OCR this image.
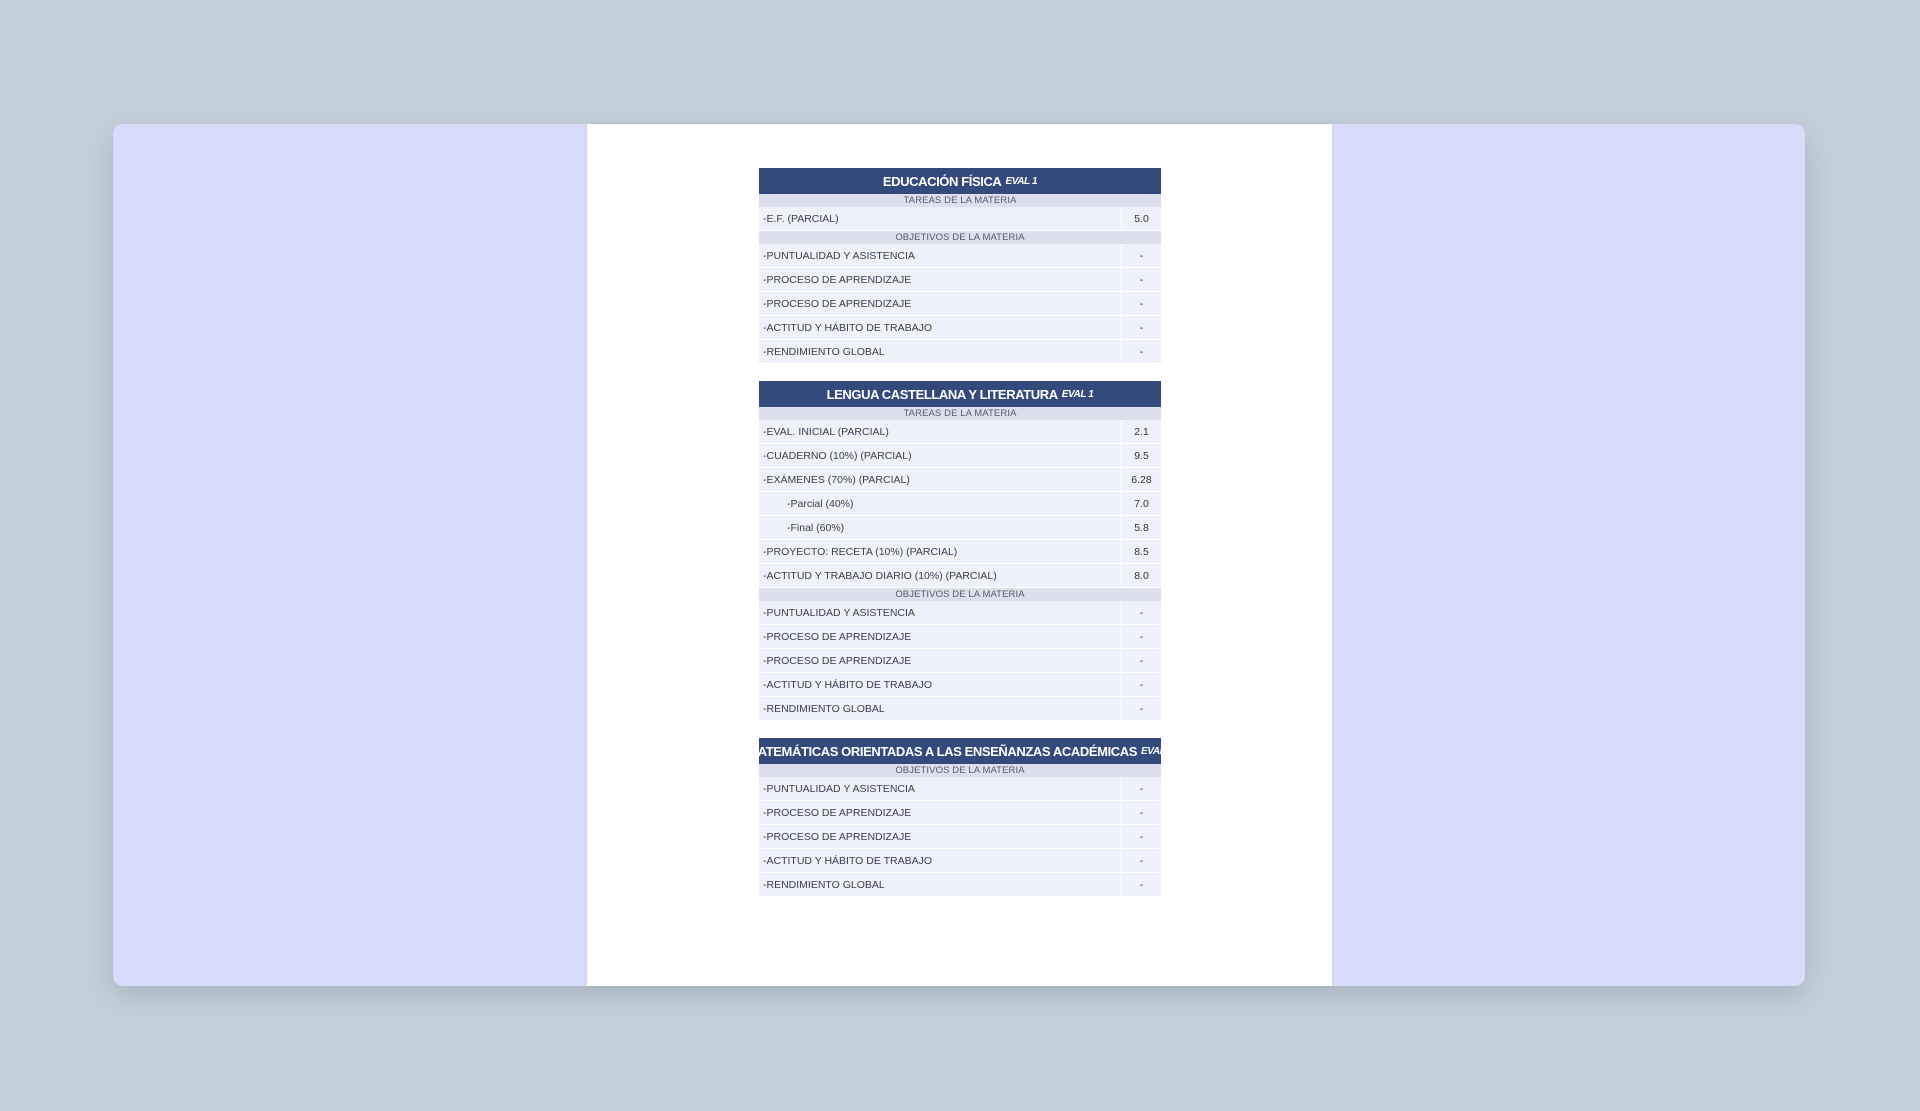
EDUCACIÓN FÍSICA EVAL 1
TAREAS DE LA MATERIA
-E.F. (PARCIAL)	5.0
OBJETIVOS DE LA MATERIA
-PUNTUALIDAD Y ASISTENCIA	-
-PROCESO DE APRENDIZAJE	-
-PROCESO DE APRENDIZAJE	-
-ACTITUD Y HÁBITO DE TRABAJO	-
-RENDIMIENTO GLOBAL	-
LENGUA CASTELLANA Y LITERATURA EVAL 1
TAREAS DE LA MATERIA
-EVAL. INICIAL (PARCIAL)	2.1
-CUADERNO (10%) (PARCIAL)	9.5
-EXÁMENES (70%) (PARCIAL)	6.28
-Parcial (40%)	7.0
-Final (60%)	5.8
-PROYECTO: RECETA (10%) (PARCIAL)	8.5
-ACTITUD Y TRABAJO DIARIO (10%) (PARCIAL)	8.0
OBJETIVOS DE LA MATERIA
-PUNTUALIDAD Y ASISTENCIA	-
-PROCESO DE APRENDIZAJE	-
-PROCESO DE APRENDIZAJE	-
-ACTITUD Y HÁBITO DE TRABAJO	-
-RENDIMIENTO GLOBAL	-
MATEMÁTICAS ORIENTADAS A LAS ENSEÑANZAS ACADÉMICAS EVAL 1
OBJETIVOS DE LA MATERIA
-PUNTUALIDAD Y ASISTENCIA	-
-PROCESO DE APRENDIZAJE	-
-PROCESO DE APRENDIZAJE	-
-ACTITUD Y HÁBITO DE TRABAJO	-
-RENDIMIENTO GLOBAL	-
